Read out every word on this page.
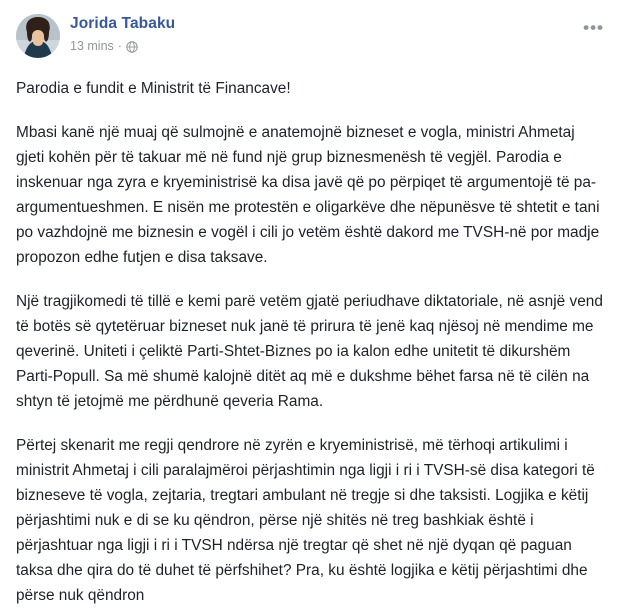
Jorida Tabaku
13 mins ·
•••

Parodia e fundit e Ministrit të Financave!

Mbasi kanë një muaj që sulmojnë e anatemojnë bizneset e vogla, ministri Ahmetaj gjeti kohën për të takuar më në fund një grup biznesmenësh të vegjël. Parodia e inskenuar nga zyra e kryeministrisë ka disa javë që po përpiqet të argumentojë të pa-argumentueshmen. E nisën me protestën e oligarkëve dhe nëpunësve të shtetit e tani po vazhdojnë me biznesin e vogël i cili jo vetëm është dakord me TVSH-në por madje propozon edhe futjen e disa taksave.

Një tragjikomedi të tillë e kemi parë vetëm gjatë periudhave diktatoriale, në asnjë vend të botës së qytetëruar bizneset nuk janë të prirura të jenë kaq njësoj në mendime me qeverinë. Uniteti i çeliktë Parti-Shtet-Biznes po ia kalon edhe unitetit të dikurshëm Parti-Popull. Sa më shumë kalojnë ditët aq më e dukshme bëhet farsa në të cilën na shtyn të jetojmë me përdhunë qeveria Rama.

Përtej skenarit me regji qendrore në zyrën e kryeministrisë, më tërhoqi artikulimi i ministrit Ahmetaj i cili paralajmëroi përjashtimin nga ligji i ri i TVSH-së disa kategori të bizneseve të vogla, zejtaria, tregtari ambulant në tregje si dhe taksisti. Logjika e këtij përjashtimi nuk e di se ku qëndron, përse një shitës në treg bashkiak është i përjashtuar nga ligji i ri i TVSH ndërsa një tregtar që shet në një dyqan që paguan taksa dhe qira do të duhet të përfshihet? Pra, ku është logjika e këtij përjashtimi dhe përse nuk qëndron
